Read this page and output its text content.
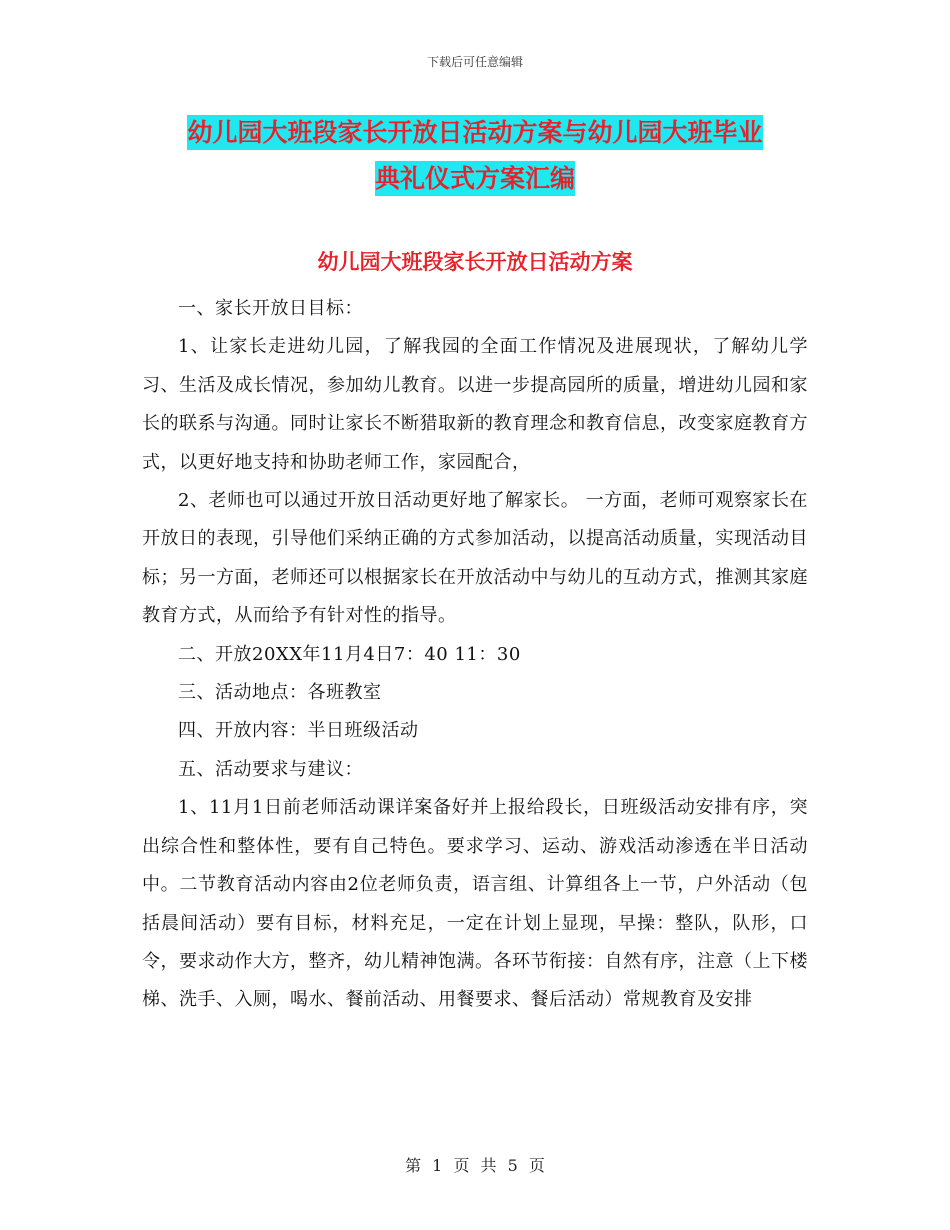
下载后可任意编辑
幼儿园大班段家长开放日活动方案与幼儿园大班毕业
典礼仪式方案汇编
幼儿园大班段家长开放日活动方案

一、家长开放日目标：

1、让家长走进幼儿园，了解我园的全面工作情况及进展现状，了解幼儿学习、生活及成长情况，参加幼儿教育。以进一步提高园所的质量，增进幼儿园和家长的联系与沟通。同时让家长不断猎取新的教育理念和教育信息，改变家庭教育方式，以更好地支持和协助老师工作，家园配合，

2、老师也可以通过开放日活动更好地了解家长。 一方面，老师可观察家长在开放日的表现，引导他们采纳正确的方式参加活动，以提高活动质量，实现活动目标；另一方面，老师还可以根据家长在开放活动中与幼儿的互动方式，推测其家庭教育方式，从而给予有针对性的指导。

二、开放20XX年11月4日7：40 11：30

三、活动地点：各班教室

四、开放内容：半日班级活动

五、活动要求与建议：

1、11月1日前老师活动课详案备好并上报给段长，日班级活动安排有序，突出综合性和整体性，要有自己特色。要求学习、运动、游戏活动渗透在半日活动中。二节教育活动内容由2位老师负责，语言组、计算组各上一节，户外活动（包括晨间活动）要有目标，材料充足，一定在计划上显现，早操：整队，队形，口令，要求动作大方，整齐，幼儿精神饱满。各环节衔接：自然有序，注意（上下楼梯、洗手、入厕，喝水、餐前活动、用餐要求、餐后活动）常规教育及安排

第 1 页 共 5 页
